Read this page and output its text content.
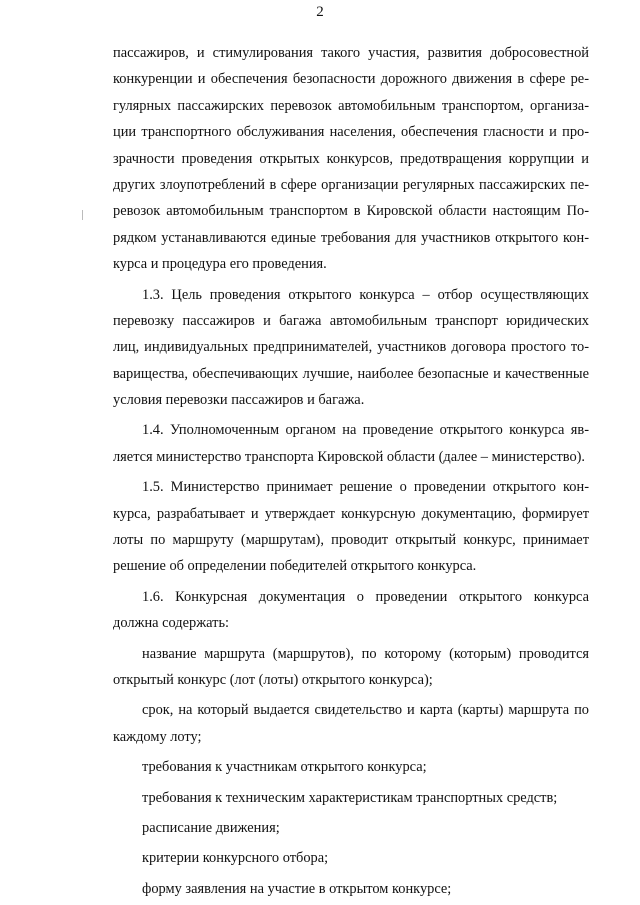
2
пассажиров, и стимулирования такого участия, развития добросовестной
конкуренции и обеспечения безопасности дорожного движения в сфере ре-
гулярных пассажирских перевозок автомобильным транспортом, организа-
ции транспортного обслуживания населения, обеспечения гласности и про-
зрачности проведения открытых конкурсов, предотвращения коррупции и
других злоупотреблений в сфере организации регулярных пассажирских пе-
ревозок автомобильным транспортом в Кировской области настоящим По-
рядком устанавливаются единые требования для участников открытого кон-
курса и процедура его проведения.
1.3. Цель проведения открытого конкурса – отбор осуществляющих
перевозку пассажиров и багажа автомобильным транспорт юридических
лиц, индивидуальных предпринимателей, участников договора простого то-
варищества, обеспечивающих лучшие, наиболее безопасные и качественные
условия перевозки пассажиров и багажа.
1.4. Уполномоченным органом на проведение открытого конкурса яв-
ляется министерство транспорта Кировской области (далее – министерство).
1.5. Министерство принимает решение о проведении открытого кон-
курса, разрабатывает и утверждает конкурсную документацию, формирует
лоты по маршруту (маршрутам), проводит открытый конкурс, принимает
решение об определении победителей открытого конкурса.
1.6. Конкурсная документация о проведении открытого конкурса
должна содержать:
название маршрута (маршрутов), по которому (которым) проводится
открытый конкурс (лот (лоты) открытого конкурса);
срок, на который выдается свидетельство и карта (карты) маршрута по
каждому лоту;
требования к участникам открытого конкурса;
требования к техническим характеристикам транспортных средств;
расписание движения;
критерии конкурсного отбора;
форму заявления на участие в открытом конкурсе;
